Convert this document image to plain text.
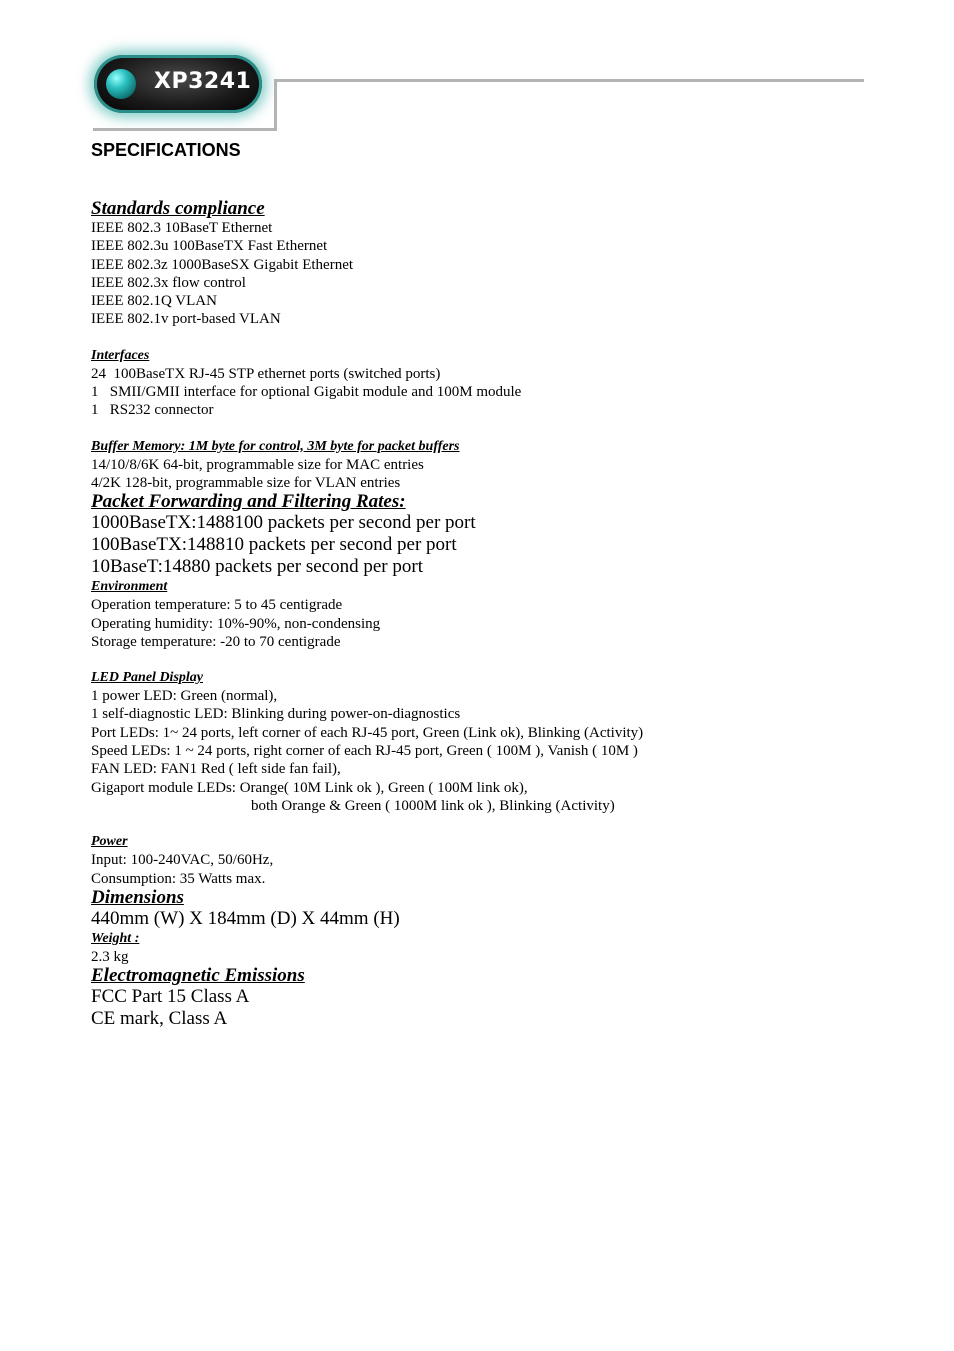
XP3241
SPECIFICATIONS
Standards compliance

IEEE 802.3 10BaseT Ethernet

IEEE 802.3u 100BaseTX Fast Ethernet

IEEE 802.3z 1000BaseSX Gigabit Ethernet

IEEE 802.3x flow control

IEEE 802.1Q VLAN

IEEE 802.1v port-based VLAN

Interfaces

24  100BaseTX RJ-45 STP ethernet ports (switched ports)

1   SMII/GMII interface for optional Gigabit module and 100M module

1   RS232 connector

Buffer Memory: 1M byte for control, 3M byte for packet buffers

14/10/8/6K 64-bit, programmable size for MAC entries

4/2K 128-bit, programmable size for VLAN entries

Packet Forwarding and Filtering Rates:

1000BaseTX:1488100 packets per second per port

100BaseTX:148810 packets per second per port

10BaseT:14880 packets per second per port

Environment

Operation temperature: 5 to 45 centigrade

Operating humidity: 10%-90%, non-condensing

Storage temperature: -20 to 70 centigrade

LED Panel Display

1 power LED: Green (normal),

1 self-diagnostic LED: Blinking during power-on-diagnostics

Port LEDs: 1~ 24 ports, left corner of each RJ-45 port, Green (Link ok), Blinking (Activity)

Speed LEDs: 1 ~ 24 ports, right corner of each RJ-45 port, Green ( 100M ), Vanish ( 10M )

FAN LED: FAN1 Red ( left side fan fail),

Gigaport module LEDs: Orange( 10M Link ok ), Green ( 100M link ok),

both Orange & Green ( 1000M link ok ), Blinking (Activity)

Power

Input: 100-240VAC, 50/60Hz,

Consumption: 35 Watts max.

Dimensions

440mm (W) X 184mm (D) X 44mm (H)

Weight :

2.3 kg

Electromagnetic Emissions

FCC Part 15 Class A

CE mark, Class A
